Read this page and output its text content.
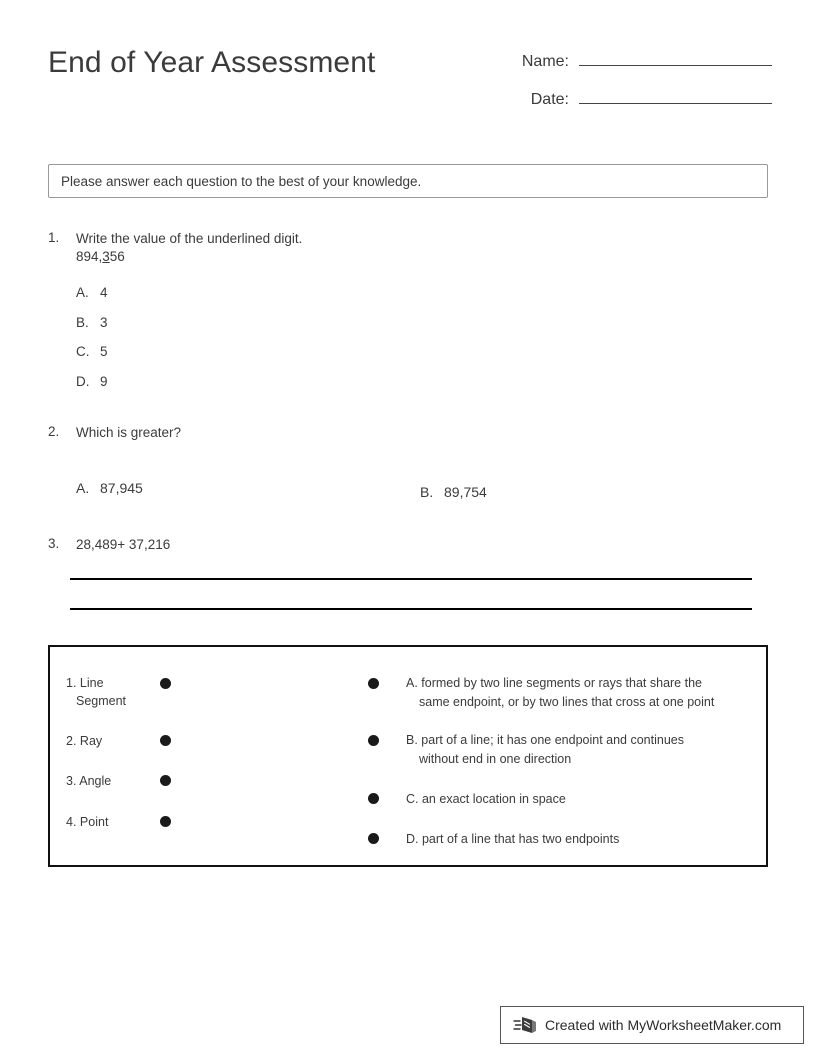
End of Year Assessment	Name:
Date:
Please answer each question to the best of your knowledge.
1.	Write the value of the underlined digit.
894,356
A. 4
B. 3
C. 5
D. 9
2.	Which is greater?
A. 87,945	B. 89,754
3.	28,489+ 37,216
1. Line
Segment
2. Ray
3. Angle
4. Point
A. formed by two line segments or rays that share the
same endpoint, or by two lines that cross at one point
B. part of a line; it has one endpoint and continues
without end in one direction
C. an exact location in space
D. part of a line that has two endpoints
Created with MyWorksheetMaker.com
